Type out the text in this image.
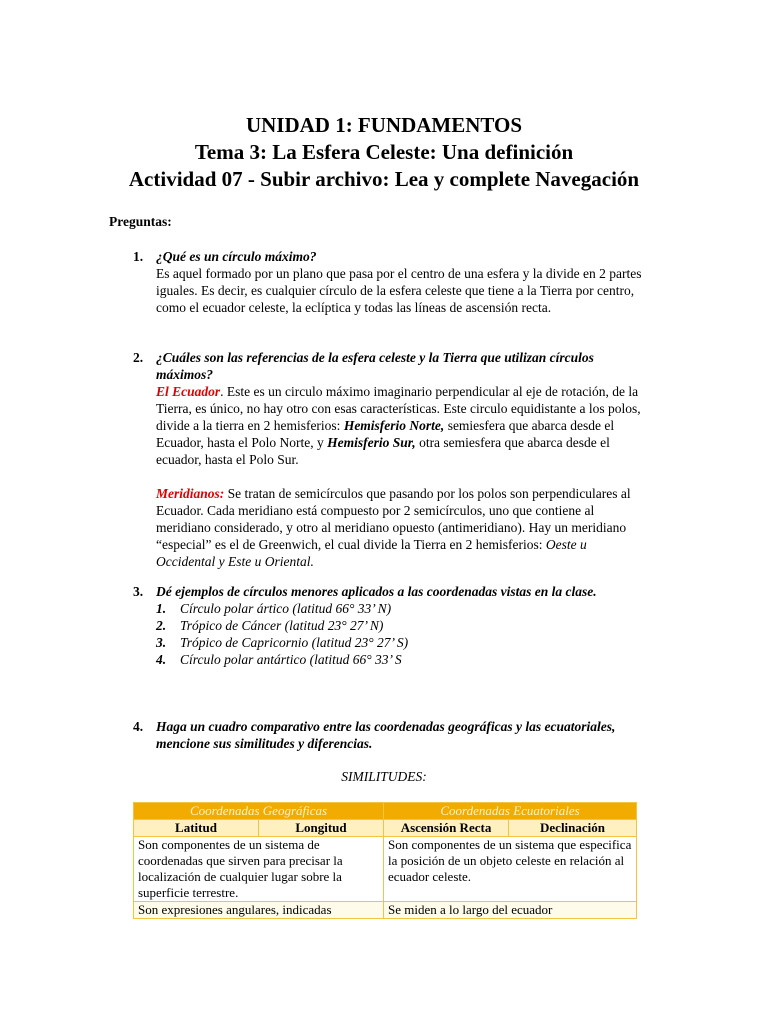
UNIDAD 1: FUNDAMENTOS
Tema 3: La Esfera Celeste: Una definición
Actividad 07 - Subir archivo: Lea y complete Navegación
Preguntas:
1. ¿Qué es un círculo máximo?
Es aquel formado por un plano que pasa por el centro de una esfera y la divide en 2 partes iguales. Es decir, es cualquier círculo de la esfera celeste que tiene a la Tierra por centro, como el ecuador celeste, la eclíptica y todas las líneas de ascensión recta.
2. ¿Cuáles son las referencias de la esfera celeste y la Tierra que utilizan círculos máximos?
El Ecuador. Este es un circulo máximo imaginario perpendicular al eje de rotación, de la Tierra, es único, no hay otro con esas características. Este circulo equidistante a los polos, divide a la tierra en 2 hemisferios: Hemisferio Norte, semiesfera que abarca desde el Ecuador, hasta el Polo Norte, y Hemisferio Sur, otra semiesfera que abarca desde el ecuador, hasta el Polo Sur.
Meridianos: Se tratan de semicírculos que pasando por los polos son perpendiculares al Ecuador. Cada meridiano está compuesto por 2 semicírculos, uno que contiene al meridiano considerado, y otro al meridiano opuesto (antimeridiano). Hay un meridiano “especial” es el de Greenwich, el cual divide la Tierra en 2 hemisferios: Oeste u Occidental y Este u Oriental.
3. Dé ejemplos de círculos menores aplicados a las coordenadas vistas en la clase.
1. Círculo polar ártico (latitud 66° 33’ N)
2. Trópico de Cáncer (latitud 23° 27’ N)
3. Trópico de Capricornio (latitud 23° 27’ S)
4. Círculo polar antártico (latitud 66° 33’ S
4. Haga un cuadro comparativo entre las coordenadas geográficas y las ecuatoriales, mencione sus similitudes y diferencias.
SIMILITUDES:
Coordenadas Geográficas		Coordenadas Ecuatoriales	
Latitud	Longitud	Ascensión Recta	Declinación
Son componentes de un sistema de coordenadas que sirven para precisar la localización de cualquier lugar sobre la superficie terrestre.		Son componentes de un sistema que especifica la posición de un objeto celeste en relación al ecuador celeste.	
Son expresiones angulares, indicadas		Se miden a lo largo del ecuador	
